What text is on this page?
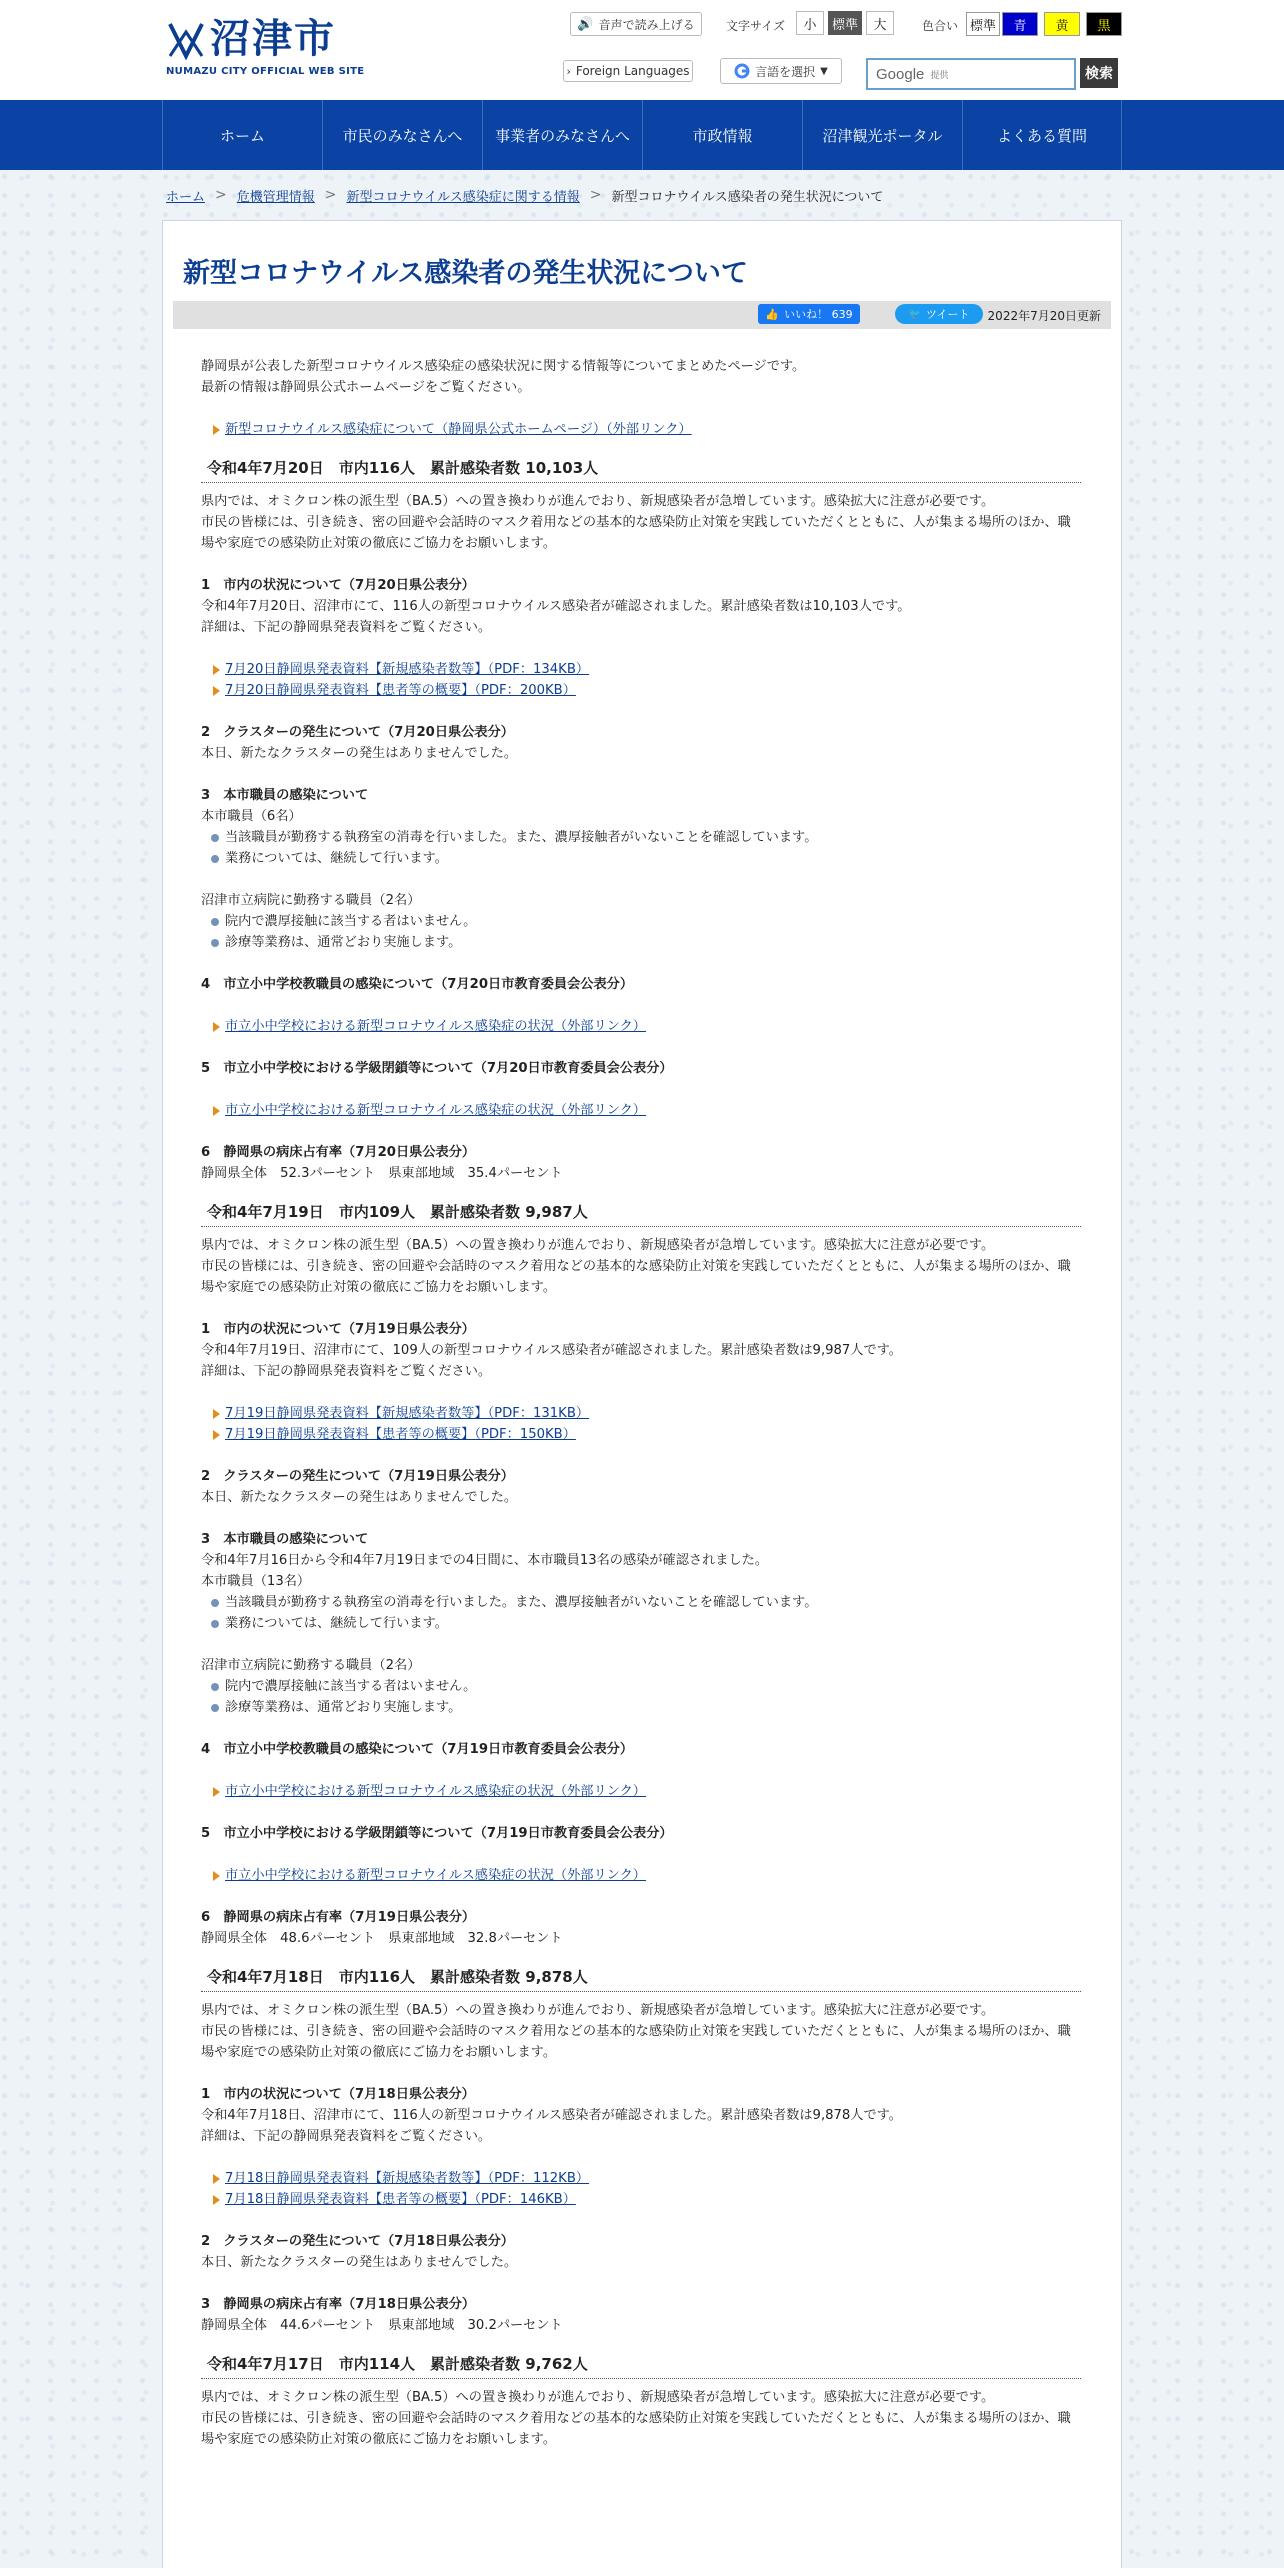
沼津市
NUMAZU CITY OFFICIAL WEB SITE
🔊 音声で読み上げる	文字サイズ	小	標準	大	色合い 標準	青	黄	黒
› Foreign Languages	言語を選択 ▼	Google 提供	検索
ホーム	市民のみなさんへ	事業者のみなさんへ	市政情報	沼津観光ポータル	よくある質問
ホーム > 危機管理情報 > 新型コロナウイルス感染症に関する情報 > 新型コロナウイルス感染者の発生状況について
新型コロナウイルス感染者の発生状況について
👍 いいね！ 639	🐦 ツイート 2022年7月20日更新

静岡県が公表した新型コロナウイルス感染症の感染状況に関する情報等についてまとめたページです。

最新の情報は静岡県公式ホームページをご覧ください。

新型コロナウイルス感染症について（静岡県公式ホームページ）（外部リンク）

令和4年7月20日　市内116人　累計感染者数 10,103人

県内では、オミクロン株の派生型（BA.5）への置き換わりが進んでおり、新規感染者が急増しています。感染拡大に注意が必要です。

市民の皆様には、引き続き、密の回避や会話時のマスク着用などの基本的な感染防止対策を実践していただくとともに、人が集まる場所のほか、職場や家庭での感染防止対策の徹底にご協力をお願いします。

1　市内の状況について（7月20日県公表分）

令和4年7月20日、沼津市にて、116人の新型コロナウイルス感染者が確認されました。累計感染者数は10,103人です。

詳細は、下記の静岡県発表資料をご覧ください。

7月20日静岡県発表資料【新規感染者数等】（PDF：134KB）

7月20日静岡県発表資料【患者等の概要】（PDF：200KB）

2　クラスターの発生について（7月20日県公表分）

本日、新たなクラスターの発生はありませんでした。

3　本市職員の感染について

本市職員（6名）

当該職員が勤務する執務室の消毒を行いました。また、濃厚接触者がいないことを確認しています。
業務については、継続して行います。

沼津市立病院に勤務する職員（2名）

院内で濃厚接触に該当する者はいません。
診療等業務は、通常どおり実施します。

4　市立小中学校教職員の感染について（7月20日市教育委員会公表分）

市立小中学校における新型コロナウイルス感染症の状況（外部リンク）

5　市立小中学校における学級閉鎖等について（7月20日市教育委員会公表分）

市立小中学校における新型コロナウイルス感染症の状況（外部リンク）

6　静岡県の病床占有率（7月20日県公表分）

静岡県全体　52.3パーセント　県東部地域　35.4パーセント

令和4年7月19日　市内109人　累計感染者数 9,987人

県内では、オミクロン株の派生型（BA.5）への置き換わりが進んでおり、新規感染者が急増しています。感染拡大に注意が必要です。

市民の皆様には、引き続き、密の回避や会話時のマスク着用などの基本的な感染防止対策を実践していただくとともに、人が集まる場所のほか、職場や家庭での感染防止対策の徹底にご協力をお願いします。

1　市内の状況について（7月19日県公表分）

令和4年7月19日、沼津市にて、109人の新型コロナウイルス感染者が確認されました。累計感染者数は9,987人です。

詳細は、下記の静岡県発表資料をご覧ください。

7月19日静岡県発表資料【新規感染者数等】（PDF：131KB）

7月19日静岡県発表資料【患者等の概要】（PDF：150KB）

2　クラスターの発生について（7月19日県公表分）

本日、新たなクラスターの発生はありませんでした。

3　本市職員の感染について

令和4年7月16日から令和4年7月19日までの4日間に、本市職員13名の感染が確認されました。

本市職員（13名）

当該職員が勤務する執務室の消毒を行いました。また、濃厚接触者がいないことを確認しています。
業務については、継続して行います。

沼津市立病院に勤務する職員（2名）

院内で濃厚接触に該当する者はいません。
診療等業務は、通常どおり実施します。

4　市立小中学校教職員の感染について（7月19日市教育委員会公表分）

市立小中学校における新型コロナウイルス感染症の状況（外部リンク）

5　市立小中学校における学級閉鎖等について（7月19日市教育委員会公表分）

市立小中学校における新型コロナウイルス感染症の状況（外部リンク）

6　静岡県の病床占有率（7月19日県公表分）

静岡県全体　48.6パーセント　県東部地域　32.8パーセント

令和4年7月18日　市内116人　累計感染者数 9,878人

県内では、オミクロン株の派生型（BA.5）への置き換わりが進んでおり、新規感染者が急増しています。感染拡大に注意が必要です。

市民の皆様には、引き続き、密の回避や会話時のマスク着用などの基本的な感染防止対策を実践していただくとともに、人が集まる場所のほか、職場や家庭での感染防止対策の徹底にご協力をお願いします。

1　市内の状況について（7月18日県公表分）

令和4年7月18日、沼津市にて、116人の新型コロナウイルス感染者が確認されました。累計感染者数は9,878人です。

詳細は、下記の静岡県発表資料をご覧ください。

7月18日静岡県発表資料【新規感染者数等】（PDF：112KB）

7月18日静岡県発表資料【患者等の概要】（PDF：146KB）

2　クラスターの発生について（7月18日県公表分）

本日、新たなクラスターの発生はありませんでした。

3　静岡県の病床占有率（7月18日県公表分）

静岡県全体　44.6パーセント　県東部地域　30.2パーセント

令和4年7月17日　市内114人　累計感染者数 9,762人

県内では、オミクロン株の派生型（BA.5）への置き換わりが進んでおり、新規感染者が急増しています。感染拡大に注意が必要です。

市民の皆様には、引き続き、密の回避や会話時のマスク着用などの基本的な感染防止対策を実践していただくとともに、人が集まる場所のほか、職場や家庭での感染防止対策の徹底にご協力をお願いします。
